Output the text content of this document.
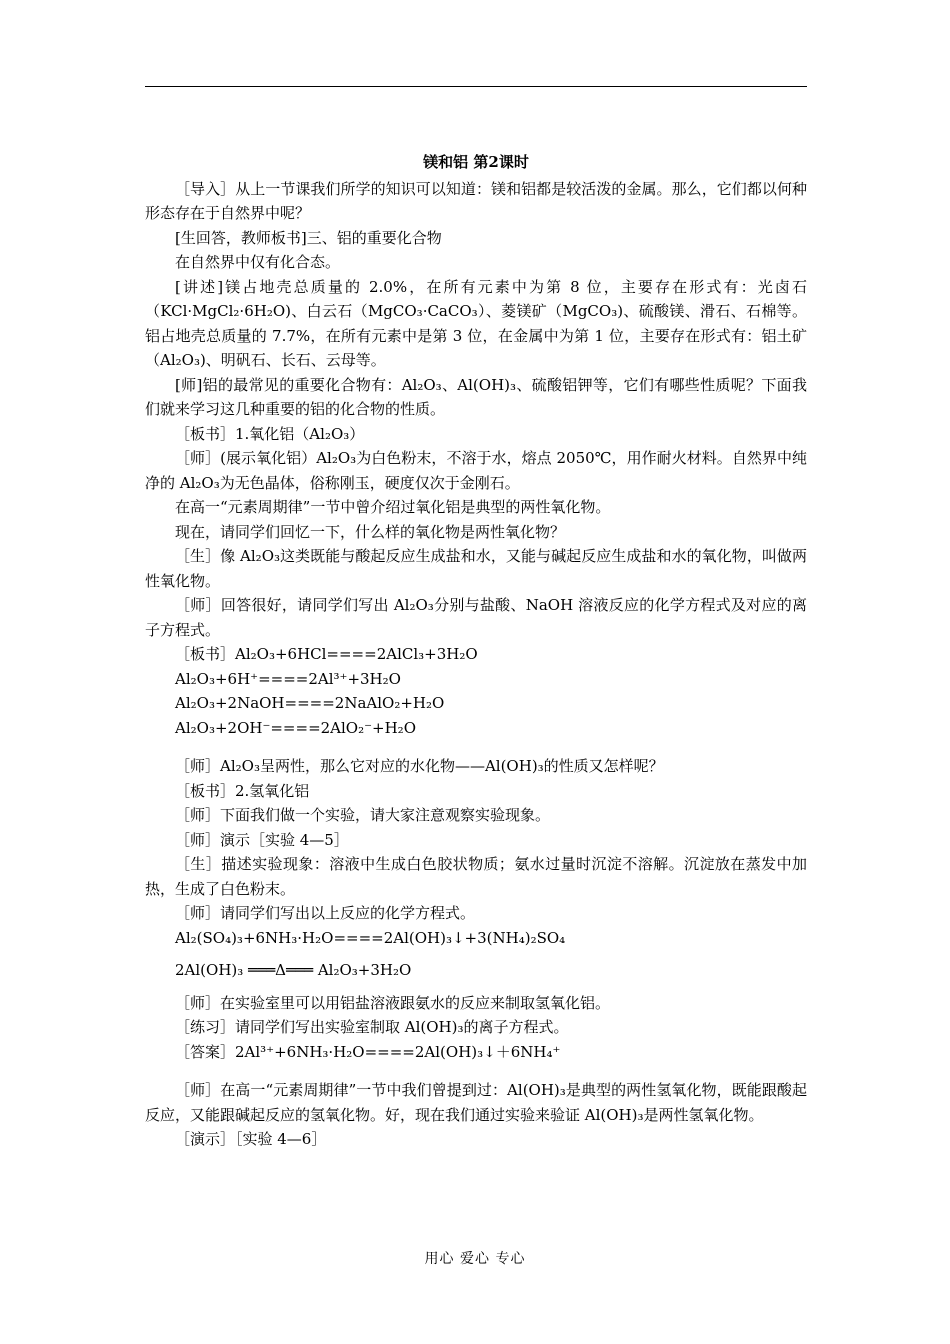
镁和铝 第2课时

［导入］从上一节课我们所学的知识可以知道：镁和铝都是较活泼的金属。那么，它们都以何种形态存在于自然界中呢？

[生回答，教师板书]三、铝的重要化合物

在自然界中仅有化合态。

[讲述]镁占地壳总质量的 2.0%，在所有元素中为第 8 位，主要存在形式有：光卤石（KCl·MgCl₂·6H₂O)、白云石（MgCO₃·CaCO₃）、菱镁矿（MgCO₃)、硫酸镁、滑石、石棉等。铝占地壳总质量的 7.7%，在所有元素中是第 3 位，在金属中为第 1 位，主要存在形式有：铝土矿（Al₂O₃)、明矾石、长石、云母等。

[师]铝的最常见的重要化合物有：Al₂O₃、Al(OH)₃、硫酸铝钾等，它们有哪些性质呢？下面我们就来学习这几种重要的铝的化合物的性质。

［板书］1.氧化铝（Al₂O₃）

［师］(展示氧化铝）Al₂O₃为白色粉末，不溶于水，熔点 2050℃，用作耐火材料。自然界中纯净的 Al₂O₃为无色晶体，俗称刚玉，硬度仅次于金刚石。

在高一“元素周期律”一节中曾介绍过氧化铝是典型的两性氧化物。

现在，请同学们回忆一下，什么样的氧化物是两性氧化物？

［生］像 Al₂O₃这类既能与酸起反应生成盐和水，又能与碱起反应生成盐和水的氧化物，叫做两性氧化物。

［师］回答很好，请同学们写出 Al₂O₃分别与盐酸、NaOH 溶液反应的化学方程式及对应的离子方程式。

［板书］Al₂O₃+6HCl====2AlCl₃+3H₂O

Al₂O₃+6H⁺====2Al³⁺+3H₂O

Al₂O₃+2NaOH====2NaAlO₂+H₂O

Al₂O₃+2OH⁻====2AlO₂⁻+H₂O

［师］Al₂O₃呈两性，那么它对应的水化物——Al(OH)₃的性质又怎样呢？

［板书］2.氢氧化铝

［师］下面我们做一个实验，请大家注意观察实验现象。

［师］演示［实验 4—5］

［生］描述实验现象：溶液中生成白色胶状物质；氨水过量时沉淀不溶解。沉淀放在蒸发中加热，生成了白色粉末。

［师］请同学们写出以上反应的化学方程式。

Al₂(SO₄)₃+6NH₃·H₂O====2Al(OH)₃↓+3(NH₄)₂SO₄

2Al(OH)₃ ═══Δ═══ Al₂O₃+3H₂O

［师］在实验室里可以用铝盐溶液跟氨水的反应来制取氢氧化铝。

［练习］请同学们写出实验室制取 Al(OH)₃的离子方程式。

［答案］2Al³⁺+6NH₃·H₂O====2Al(OH)₃↓＋6NH₄⁺

［师］在高一“元素周期律”一节中我们曾提到过：Al(OH)₃是典型的两性氢氧化物，既能跟酸起反应，又能跟碱起反应的氢氧化物。好，现在我们通过实验来验证 Al(OH)₃是两性氢氧化物。

［演示］［实验 4—6］

用心 爱心 专心
